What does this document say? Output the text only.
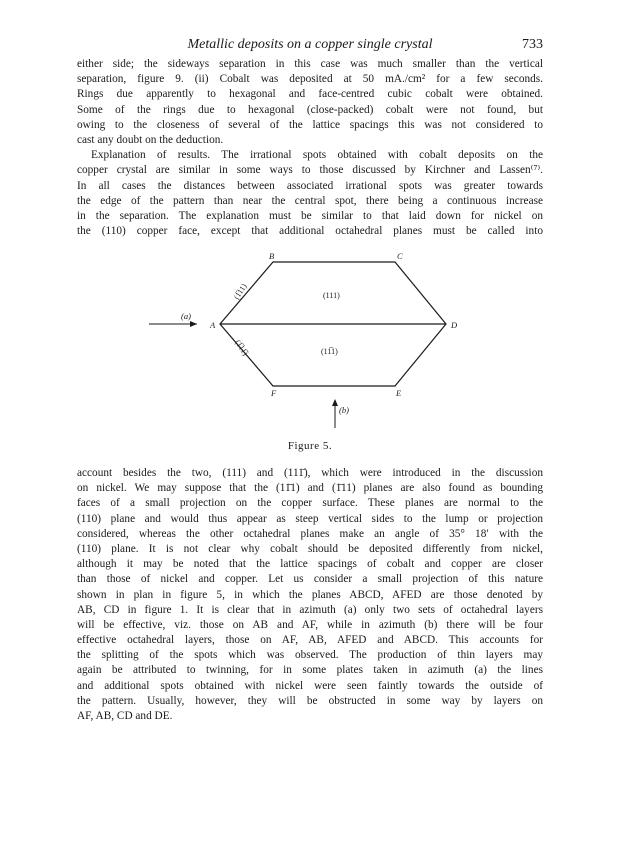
Metallic deposits on a copper single crystal	733
either side; the sideways separation in this case was much smaller than the vertical
separation, figure 9. (ii) Cobalt was deposited at 50 mA./cm² for a few seconds.
Rings due apparently to hexagonal and face-centred cubic cobalt were obtained.
Some of the rings due to hexagonal (close-packed) cobalt were not found, but
owing to the closeness of several of the lattice spacings this was not considered to
cast any doubt on the deduction.
Explanation of results. The irrational spots obtained with cobalt deposits on the
copper crystal are similar in some ways to those discussed by Kirchner and Lassen⁽⁷⁾.
In all cases the distances between associated irrational spots was greater towards
the edge of the pattern than near the central spot, there being a continuous increase
in the separation. The explanation must be similar to that laid down for nickel on
the (110) copper face, except that additional octahedral planes must be called into
B	C
A	D
F	E
(111)
(11̅1)
(1̅11)
(1̅11̅)
(a)
(b)
Figure 5.
account besides the two, (111) and (111̄), which were introduced in the discussion
on nickel. We may suppose that the (11̄1) and (1̄11) planes are also found as bounding
faces of a small projection on the copper surface. These planes are normal to the
(110) plane and would thus appear as steep vertical sides to the lump or projection
considered, whereas the other octahedral planes make an angle of 35° 18′ with the
(110) plane. It is not clear why cobalt should be deposited differently from nickel,
although it may be noted that the lattice spacings of cobalt and copper are closer
than those of nickel and copper. Let us consider a small projection of this nature
shown in plan in figure 5, in which the planes ABCD, AFED are those denoted by
AB, CD in figure 1. It is clear that in azimuth (a) only two sets of octahedral layers
will be effective, viz. those on AB and AF, while in azimuth (b) there will be four
effective octahedral layers, those on AF, AB, AFED and ABCD. This accounts for
the splitting of the spots which was observed. The production of thin layers may
again be attributed to twinning, for in some plates taken in azimuth (a) the lines
and additional spots obtained with nickel were seen faintly towards the outside of
the pattern. Usually, however, they will be obstructed in some way by layers on
AF, AB, CD and DE.
